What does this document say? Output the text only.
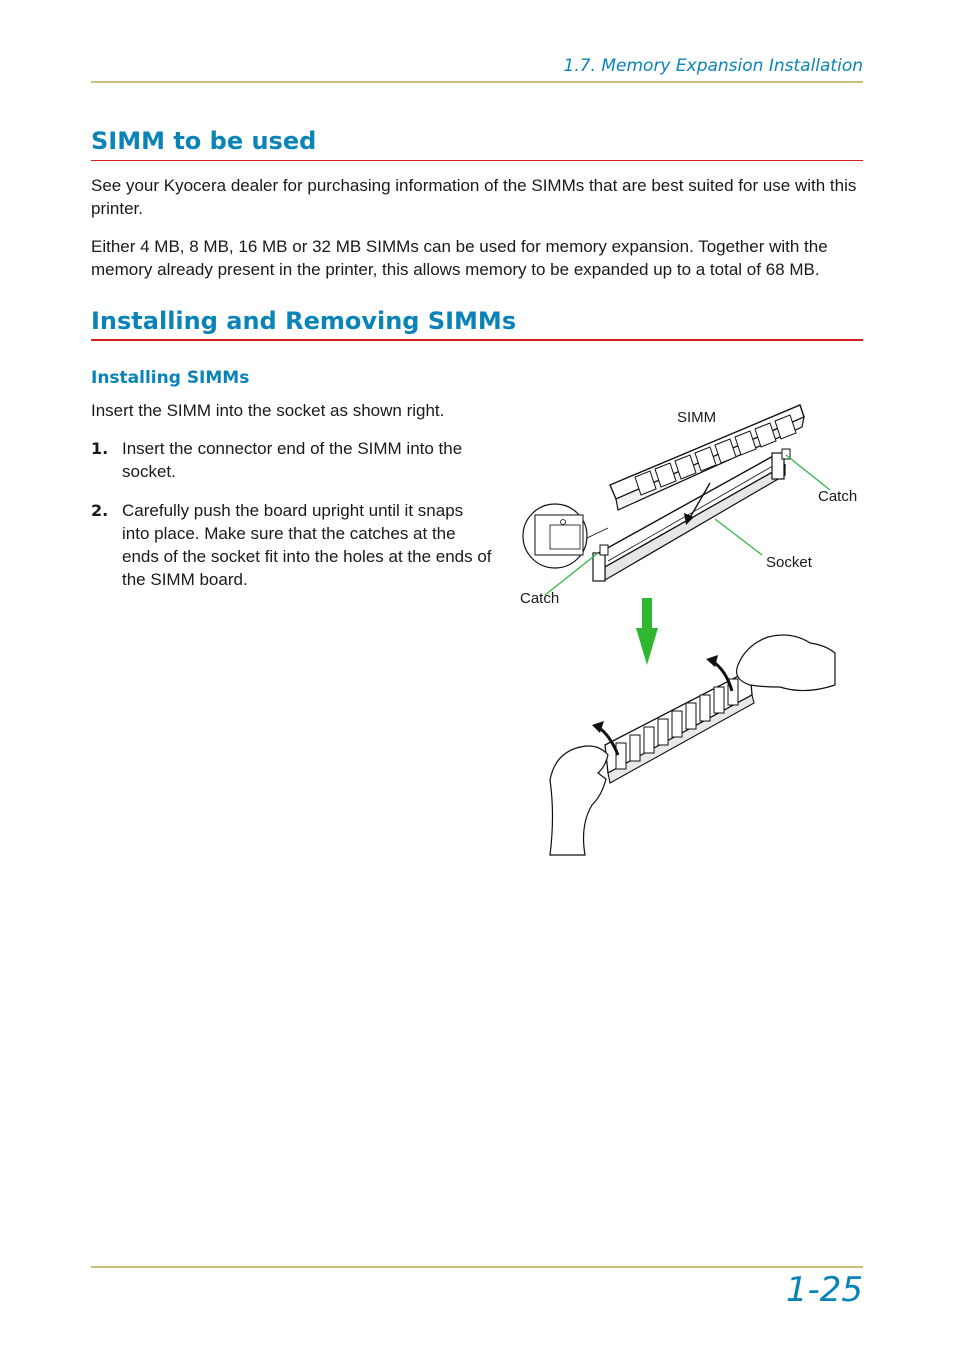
1.7. Memory Expansion Installation
SIMM to be used
See your Kyocera dealer for purchasing information of the SIMMs that are best suited for use with this printer.
Either 4 MB, 8 MB, 16 MB or 32 MB SIMMs can be used for memory expansion. Together with the memory already present in the printer, this allows memory to be expanded up to a total of 68 MB.
Installing and Removing SIMMs
Installing SIMMs
Insert the SIMM into the socket as shown right.
1. Insert the connector end of the SIMM into the socket.
2. Carefully push the board upright until it snaps into place. Make sure that the catches at the ends of the socket fit into the holes at the ends of the SIMM board.
SIMM
Catch
Socket
Catch
1-25
